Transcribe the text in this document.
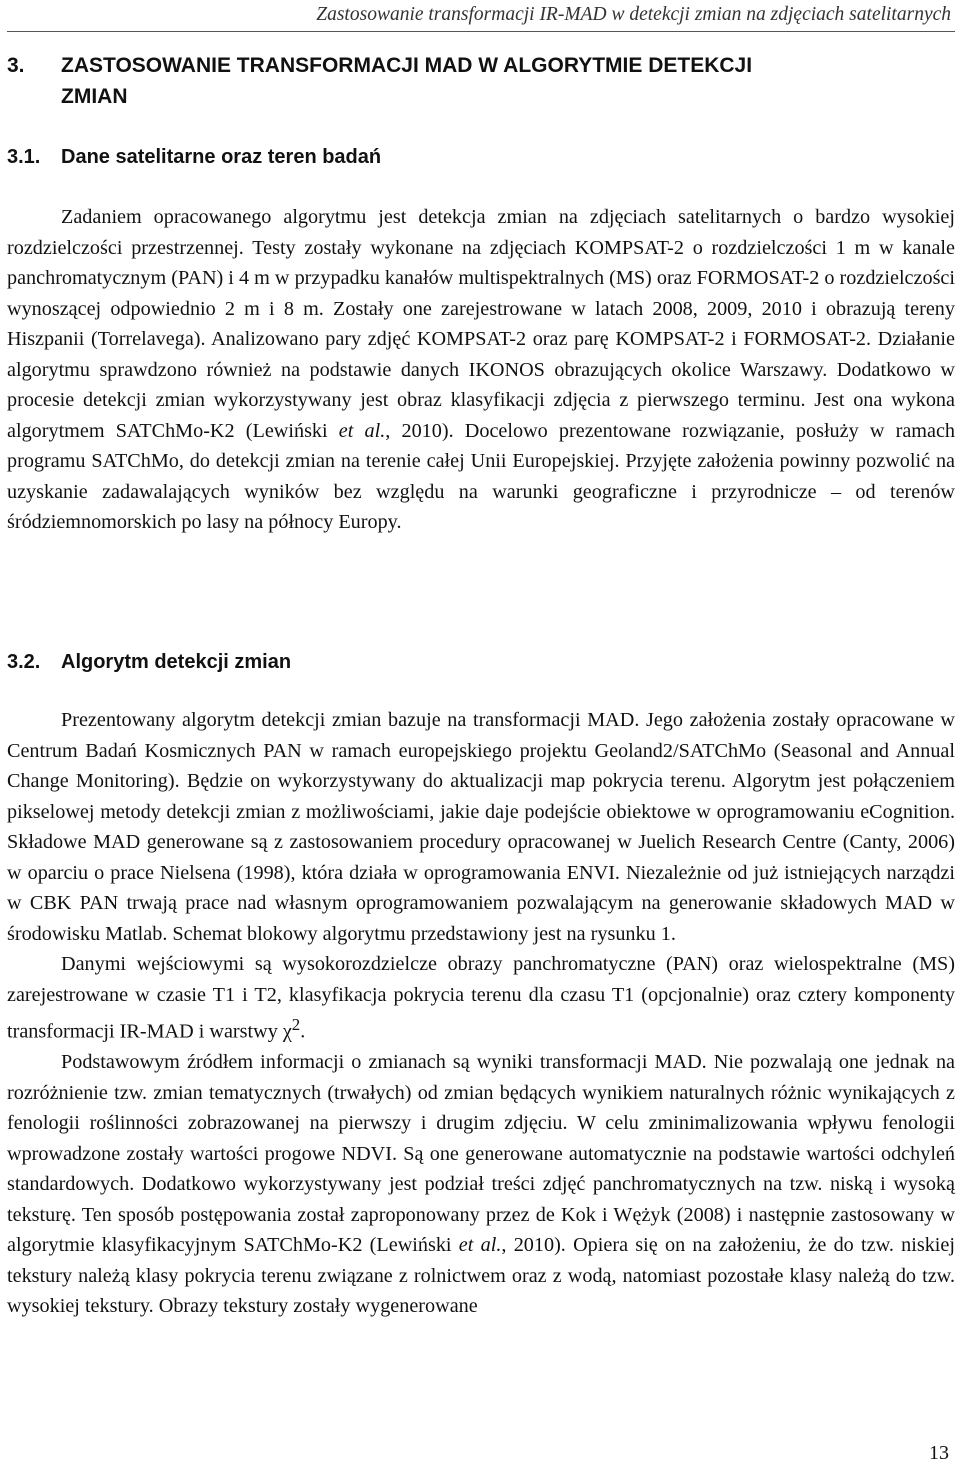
Zastosowanie transformacji IR-MAD w detekcji zmian na zdjęciach satelitarnych
3. ZASTOSOWANIE TRANSFORMACJI MAD W ALGORYTMIE DETEKCJI
ZMIAN
3.1. Dane satelitarne oraz teren badań

Zadaniem opracowanego algorytmu jest detekcja zmian na zdjęciach satelitarnych o bardzo wysokiej rozdzielczości przestrzennej. Testy zostały wykonane na zdjęciach KOMPSAT-2 o rozdzielczości 1 m w kanale panchromatycznym (PAN) i 4 m w przypadku kanałów multispektralnych (MS) oraz FORMOSAT-2 o rozdzielczości wynoszącej odpowiednio 2 m i 8 m. Zostały one zarejestrowane w latach 2008, 2009, 2010 i obrazują tereny Hiszpanii (Torrelavega). Analizowano pary zdjęć KOMPSAT-2 oraz parę KOMPSAT-2 i FORMOSAT-2. Działanie algorytmu sprawdzono również na podstawie danych IKONOS obrazujących okolice Warszawy. Dodatkowo w procesie detekcji zmian wykorzystywany jest obraz klasyfikacji zdjęcia z pierwszego terminu. Jest ona wykona algorytmem SATChMo-K2 (Lewiński et al., 2010). Docelowo prezentowane rozwiązanie, posłuży w ramach programu SATChMo, do detekcji zmian na terenie całej Unii Europejskiej. Przyjęte założenia powinny pozwolić na uzyskanie zadawalających wyników bez względu na warunki geograficzne i przyrodnicze – od terenów śródziemnomorskich po lasy na północy Europy.

3.2. Algorytm detekcji zmian

Prezentowany algorytm detekcji zmian bazuje na transformacji MAD. Jego założenia zostały opracowane w Centrum Badań Kosmicznych PAN w ramach europejskiego projektu Geoland2/SATChMo (Seasonal and Annual Change Monitoring). Będzie on wykorzystywany do aktualizacji map pokrycia terenu. Algorytm jest połączeniem pikselowej metody detekcji zmian z możliwościami, jakie daje podejście obiektowe w oprogramowaniu eCognition. Składowe MAD generowane są z zastosowaniem procedury opracowanej w Juelich Research Centre (Canty, 2006) w oparciu o prace Nielsena (1998), która działa w oprogramowania ENVI. Niezależnie od już istniejących narządzi w CBK PAN trwają prace nad własnym oprogramowaniem pozwalającym na generowanie składowych MAD w środowisku Matlab. Schemat blokowy algorytmu przedstawiony jest na rysunku 1.

Danymi wejściowymi są wysokorozdzielcze obrazy panchromatyczne (PAN) oraz wielospektralne (MS) zarejestrowane w czasie T1 i T2, klasyfikacja pokrycia terenu dla czasu T1 (opcjonalnie) oraz cztery komponenty transformacji IR-MAD i warstwy $\chi^2$.

Podstawowym źródłem informacji o zmianach są wyniki transformacji MAD. Nie pozwalają one jednak na rozróżnienie tzw. zmian tematycznych (trwałych) od zmian będących wynikiem naturalnych różnic wynikających z fenologii roślinności zobrazowanej na pierwszy i drugim zdjęciu. W celu zminimalizowania wpływu fenologii wprowadzone zostały wartości progowe NDVI. Są one generowane automatycznie na podstawie wartości odchyleń standardowych. Dodatkowo wykorzystywany jest podział treści zdjęć panchromatycznych na tzw. niską i wysoką teksturę. Ten sposób postępowania został zaproponowany przez de Kok i Wężyk (2008) i następnie zastosowany w algorytmie klasyfikacyjnym SATChMo-K2 (Lewiński et al., 2010). Opiera się on na założeniu, że do tzw. niskiej tekstury należą klasy pokrycia terenu związane z rolnictwem oraz z wodą, natomiast pozostałe klasy należą do tzw. wysokiej tekstury. Obrazy tekstury zostały wygenerowane

13
